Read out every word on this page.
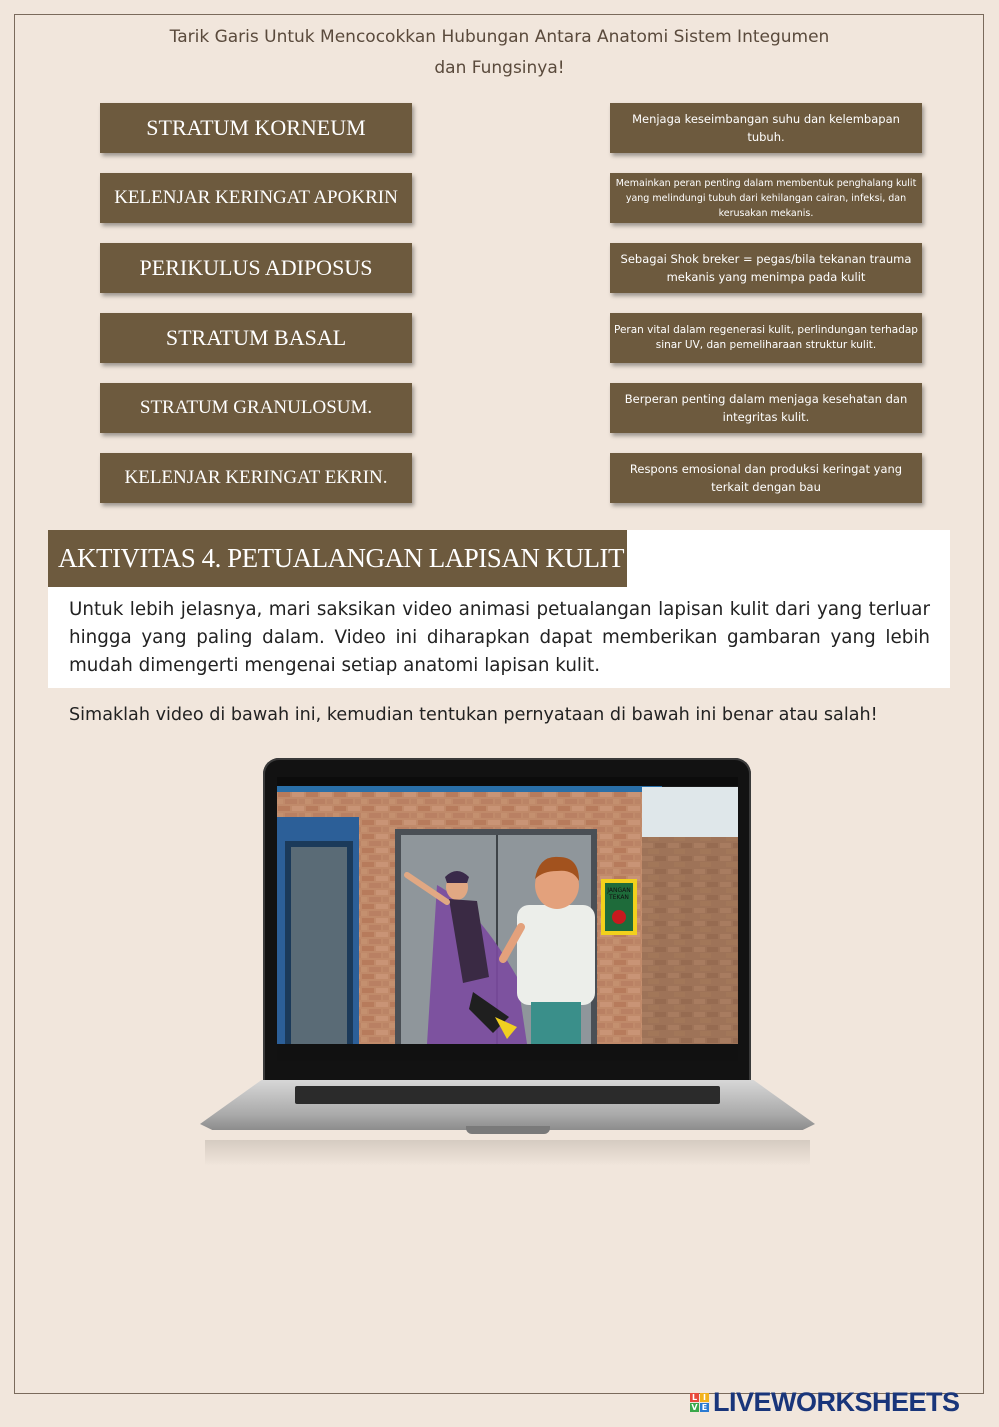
Tarik Garis Untuk Mencocokkan Hubungan Antara Anatomi Sistem Integumen
dan Fungsinya!
STRATUM KORNEUM
KELENJAR KERINGAT APOKRIN
PERIKULUS ADIPOSUS
STRATUM BASAL
STRATUM GRANULOSUM.
KELENJAR KERINGAT EKRIN.
Menjaga keseimbangan suhu dan kelembapan tubuh.
Memainkan peran penting dalam membentuk penghalang kulit yang melindungi tubuh dari kehilangan cairan, infeksi, dan kerusakan mekanis.
Sebagai Shok breker = pegas/bila tekanan trauma mekanis yang menimpa pada kulit
Peran vital dalam regenerasi kulit, perlindungan terhadap sinar UV, dan pemeliharaan struktur kulit.
Berperan penting dalam menjaga kesehatan dan integritas kulit.
Respons emosional dan produksi keringat yang terkait dengan bau
AKTIVITAS 4. PETUALANGAN LAPISAN KULIT
Untuk lebih jelasnya, mari saksikan video animasi petualangan lapisan kulit dari yang terluar hingga yang paling dalam. Video ini diharapkan dapat memberikan gambaran yang lebih mudah dimengerti mengenai setiap anatomi lapisan kulit.
Simaklah video di bawah ini, kemudian tentukan pernyataan di bawah ini benar atau salah!
JANGAN
TEKAN
L I
V E LIVEWORKSHEETS
